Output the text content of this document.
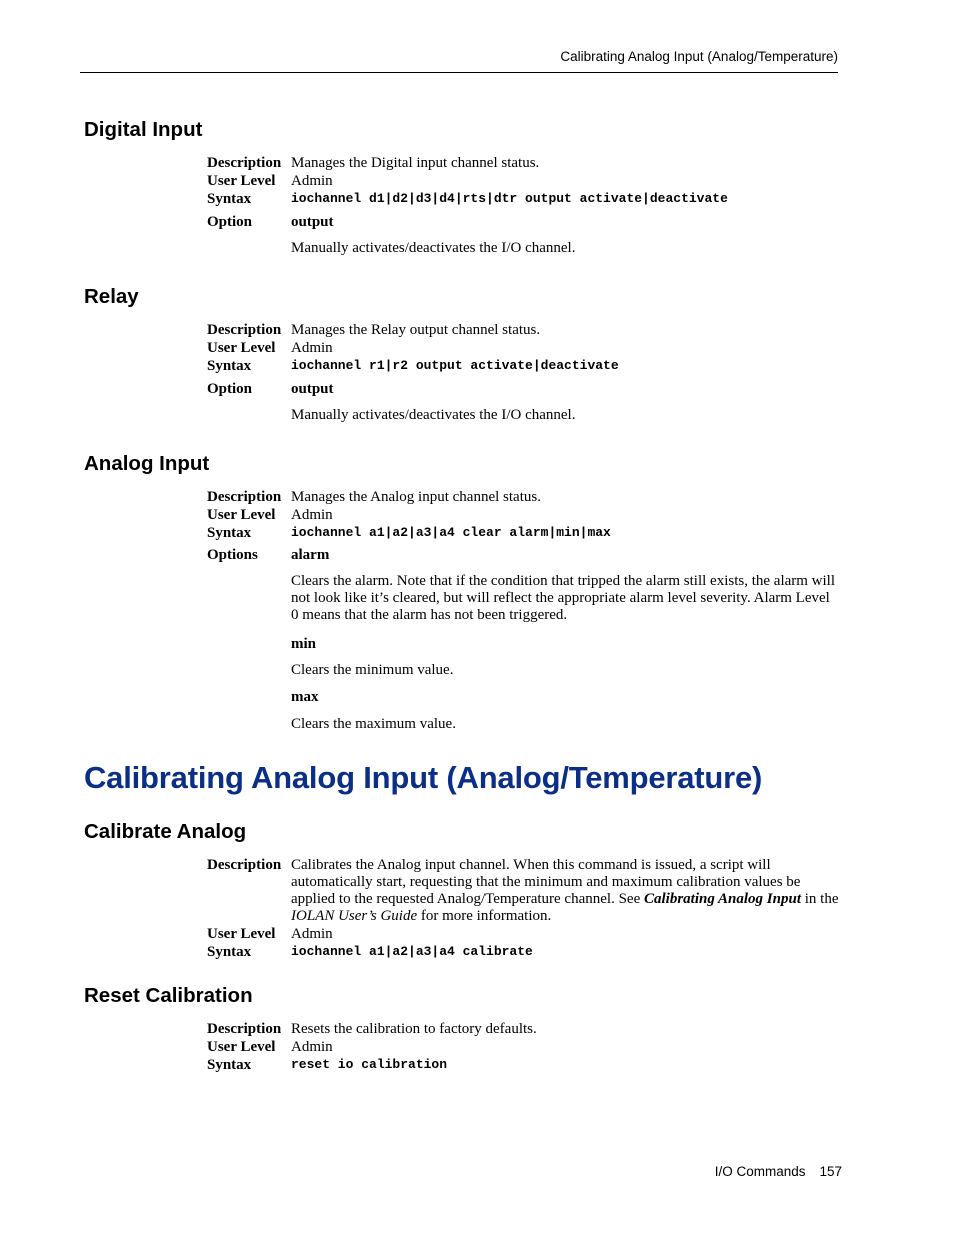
Calibrating Analog Input (Analog/Temperature)
Digital Input
Description Manages the Digital input channel status.
User Level Admin
Syntax	iochannel d1|d2|d3|d4|rts|dtr output activate|deactivate
Option	output
Manually activates/deactivates the I/O channel.
Relay
Description Manages the Relay output channel status.
User Level Admin
Syntax	iochannel r1|r2 output activate|deactivate
Option	output
Manually activates/deactivates the I/O channel.
Analog Input
Description Manages the Analog input channel status.
User Level Admin
Syntax	iochannel a1|a2|a3|a4 clear alarm|min|max
Options alarm
Clears the alarm. Note that if the condition that tripped the alarm still exists, the alarm will not look like it’s cleared, but will reflect the appropriate alarm level severity. Alarm Level 0 means that the alarm has not been triggered.
min
Clears the minimum value.
max
Clears the maximum value.
Calibrating Analog Input (Analog/Temperature)
Calibrate Analog
Description Calibrates the Analog input channel. When this command is issued, a script will automatically start, requesting that the minimum and maximum calibration values be applied to the requested Analog/Temperature channel. See Calibrating Analog Input in the IOLAN User’s Guide for more information.
User Level Admin
Syntax	iochannel a1|a2|a3|a4 calibrate
Reset Calibration
Description Resets the calibration to factory defaults.
User Level Admin
Syntax	reset io calibration
I/O Commands 157
